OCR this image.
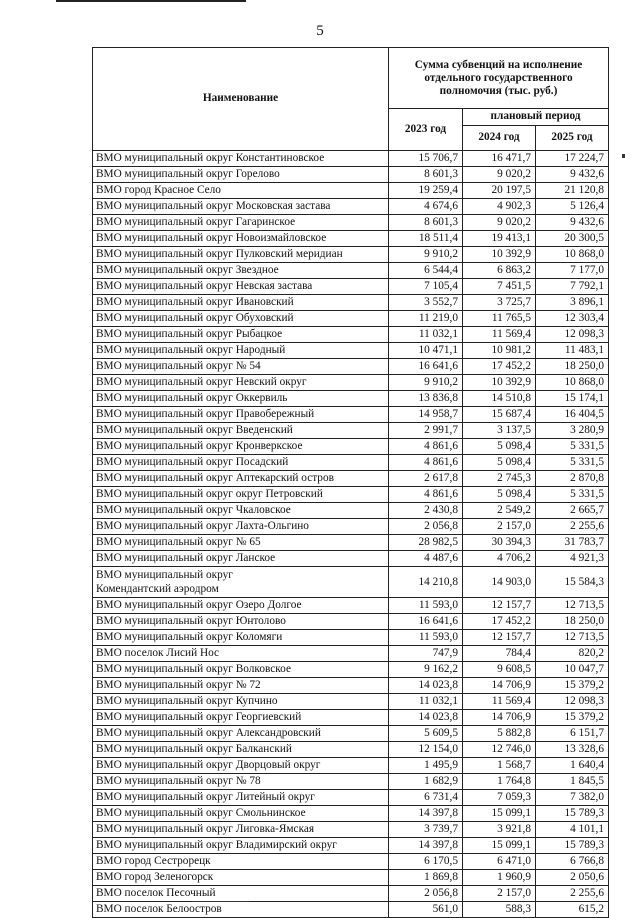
5
Наименование	Сумма субвенций на исполнение отдельного государственного полномочия (тыс. руб.)		
	2023 год	плановый период	
		2024 год	2025 год
ВМО муниципальный округ Константиновское	15 706,7	16 471,7	17 224,7
ВМО муниципальный округ Горелово	8 601,3	9 020,2	9 432,6
ВМО город Красное Село	19 259,4	20 197,5	21 120,8
ВМО муниципальный округ Московская застава	4 674,6	4 902,3	5 126,4
ВМО муниципальный округ Гагаринское	8 601,3	9 020,2	9 432,6
ВМО муниципальный округ Новоизмайловское	18 511,4	19 413,1	20 300,5
ВМО муниципальный округ Пулковский меридиан	9 910,2	10 392,9	10 868,0
ВМО муниципальный округ Звездное	6 544,4	6 863,2	7 177,0
ВМО муниципальный округ Невская застава	7 105,4	7 451,5	7 792,1
ВМО муниципальный округ Ивановский	3 552,7	3 725,7	3 896,1
ВМО муниципальный округ Обуховский	11 219,0	11 765,5	12 303,4
ВМО муниципальный округ Рыбацкое	11 032,1	11 569,4	12 098,3
ВМО муниципальный округ Народный	10 471,1	10 981,2	11 483,1
ВМО муниципальный округ № 54	16 641,6	17 452,2	18 250,0
ВМО муниципальный округ Невский округ	9 910,2	10 392,9	10 868,0
ВМО муниципальный округ Оккервиль	13 836,8	14 510,8	15 174,1
ВМО муниципальный округ Правобережный	14 958,7	15 687,4	16 404,5
ВМО муниципальный округ Введенский	2 991,7	3 137,5	3 280,9
ВМО муниципальный округ Кронверкское	4 861,6	5 098,4	5 331,5
ВМО муниципальный округ Посадский	4 861,6	5 098,4	5 331,5
ВМО муниципальный округ Аптекарский остров	2 617,8	2 745,3	2 870,8
ВМО муниципальный округ округ Петровский	4 861,6	5 098,4	5 331,5
ВМО муниципальный округ Чкаловское	2 430,8	2 549,2	2 665,7
ВМО муниципальный округ Лахта-Ольгино	2 056,8	2 157,0	2 255,6
ВМО муниципальный округ № 65	28 982,5	30 394,3	31 783,7
ВМО муниципальный округ Ланское	4 487,6	4 706,2	4 921,3
ВМО муниципальный округ
Комендантский аэродром	14 210,8	14 903,0	15 584,3
ВМО муниципальный округ Озеро Долгое	11 593,0	12 157,7	12 713,5
ВМО муниципальный округ Юнтолово	16 641,6	17 452,2	18 250,0
ВМО муниципальный округ Коломяги	11 593,0	12 157,7	12 713,5
ВМО поселок Лисий Нос	747,9	784,4	820,2
ВМО муниципальный округ Волковское	9 162,2	9 608,5	10 047,7
ВМО муниципальный округ № 72	14 023,8	14 706,9	15 379,2
ВМО муниципальный округ Купчино	11 032,1	11 569,4	12 098,3
ВМО муниципальный округ Георгиевский	14 023,8	14 706,9	15 379,2
ВМО муниципальный округ Александровский	5 609,5	5 882,8	6 151,7
ВМО муниципальный округ Балканский	12 154,0	12 746,0	13 328,6
ВМО муниципальный округ Дворцовый округ	1 495,9	1 568,7	1 640,4
ВМО муниципальный округ № 78	1 682,9	1 764,8	1 845,5
ВМО муниципальный округ Литейный округ	6 731,4	7 059,3	7 382,0
ВМО муниципальный округ Смольнинское	14 397,8	15 099,1	15 789,3
ВМО муниципальный округ Лиговка-Ямская	3 739,7	3 921,8	4 101,1
ВМО муниципальный округ Владимирский округ	14 397,8	15 099,1	15 789,3
ВМО город Сестрорецк	6 170,5	6 471,0	6 766,8
ВМО город Зеленогорск	1 869,8	1 960,9	2 050,6
ВМО поселок Песочный	2 056,8	2 157,0	2 255,6
ВМО поселок Белоостров	561,0	588,3	615,2
